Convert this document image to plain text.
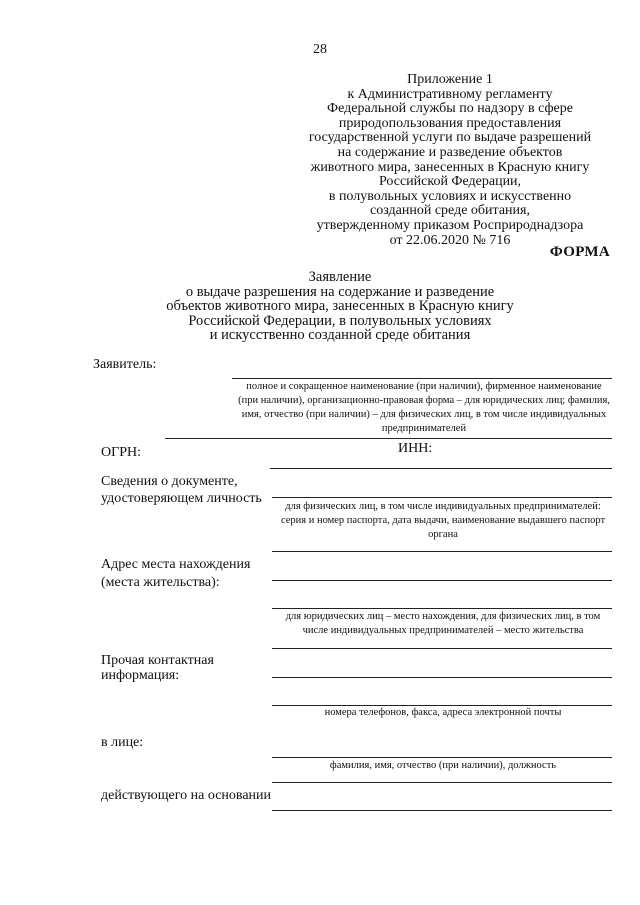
28
Приложение 1
к Административному регламенту
Федеральной службы по надзору в сфере
природопользования предоставления
государственной услуги по выдаче разрешений
на содержание и разведение объектов
животного мира, занесенных в Красную книгу
Российской Федерации,
в полувольных условиях и искусственно
созданной среде обитания,
утвержденному приказом Росприроднадзора
от 22.06.2020 № 716
ФОРМА
Заявление
о выдаче разрешения на содержание и разведение
объектов животного мира, занесенных в Красную книгу
Российской Федерации, в полувольных условиях
и искусственно созданной среде обитания
Заявитель:
полное и сокращенное наименование (при наличии), фирменное наименование (при наличии), организационно-правовая форма – для юридических лиц; фамилия, имя, отчество (при наличии) – для физических лиц, в том числе индивидуальных предпринимателей
ОГРН:	ИНН:
Сведения о документе,
удостоверяющем личность
для физических лиц, в том числе индивидуальных предпринимателей: серия и номер паспорта, дата выдачи, наименование выдавшего паспорт органа
Адрес места нахождения
(места жительства):
для юридических лиц – место нахождения, для физических лиц, в том числе индивидуальных предпринимателей – место жительства
Прочая контактная
информация:
номера телефонов, факса, адреса электронной почты
в лице:
фамилия, имя, отчество (при наличии), должность
действующего на основании
